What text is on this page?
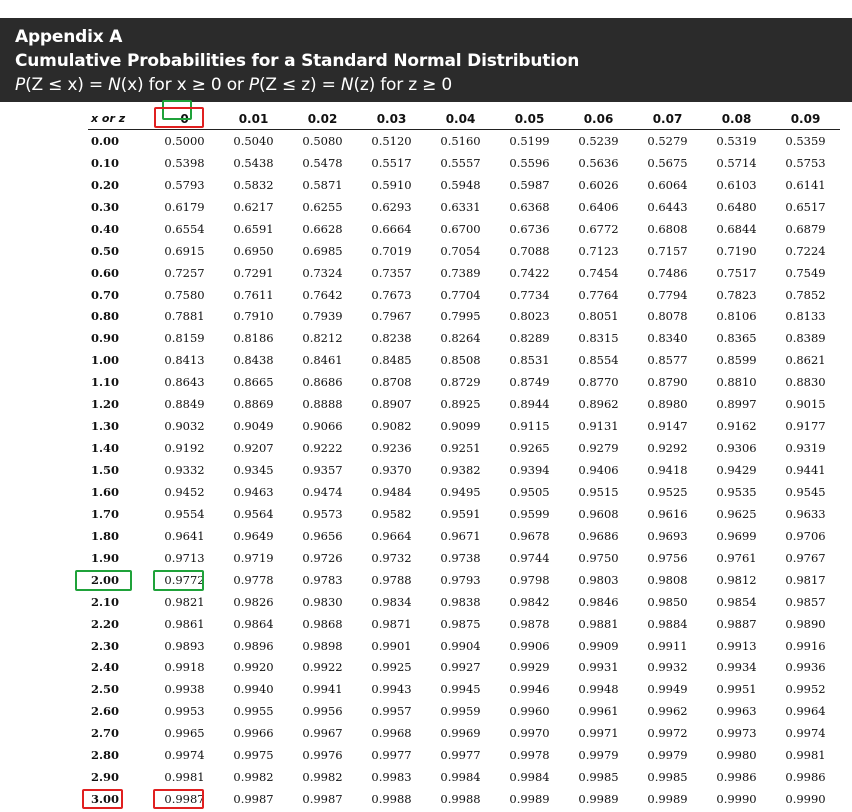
Appendix A
Cumulative Probabilities for a Standard Normal Distribution
P(Z ≤ x) = N(x) for x ≥ 0 or P(Z ≤ z) = N(z) for z ≥ 0
x or z	0	0.01	0.02	0.03	0.04	0.05	0.06	0.07	0.08	0.09
0.00	0.5000	0.5040	0.5080	0.5120	0.5160	0.5199	0.5239	0.5279	0.5319	0.5359
0.10	0.5398	0.5438	0.5478	0.5517	0.5557	0.5596	0.5636	0.5675	0.5714	0.5753
0.20	0.5793	0.5832	0.5871	0.5910	0.5948	0.5987	0.6026	0.6064	0.6103	0.6141
0.30	0.6179	0.6217	0.6255	0.6293	0.6331	0.6368	0.6406	0.6443	0.6480	0.6517
0.40	0.6554	0.6591	0.6628	0.6664	0.6700	0.6736	0.6772	0.6808	0.6844	0.6879
0.50	0.6915	0.6950	0.6985	0.7019	0.7054	0.7088	0.7123	0.7157	0.7190	0.7224
0.60	0.7257	0.7291	0.7324	0.7357	0.7389	0.7422	0.7454	0.7486	0.7517	0.7549
0.70	0.7580	0.7611	0.7642	0.7673	0.7704	0.7734	0.7764	0.7794	0.7823	0.7852
0.80	0.7881	0.7910	0.7939	0.7967	0.7995	0.8023	0.8051	0.8078	0.8106	0.8133
0.90	0.8159	0.8186	0.8212	0.8238	0.8264	0.8289	0.8315	0.8340	0.8365	0.8389
1.00	0.8413	0.8438	0.8461	0.8485	0.8508	0.8531	0.8554	0.8577	0.8599	0.8621
1.10	0.8643	0.8665	0.8686	0.8708	0.8729	0.8749	0.8770	0.8790	0.8810	0.8830
1.20	0.8849	0.8869	0.8888	0.8907	0.8925	0.8944	0.8962	0.8980	0.8997	0.9015
1.30	0.9032	0.9049	0.9066	0.9082	0.9099	0.9115	0.9131	0.9147	0.9162	0.9177
1.40	0.9192	0.9207	0.9222	0.9236	0.9251	0.9265	0.9279	0.9292	0.9306	0.9319
1.50	0.9332	0.9345	0.9357	0.9370	0.9382	0.9394	0.9406	0.9418	0.9429	0.9441
1.60	0.9452	0.9463	0.9474	0.9484	0.9495	0.9505	0.9515	0.9525	0.9535	0.9545
1.70	0.9554	0.9564	0.9573	0.9582	0.9591	0.9599	0.9608	0.9616	0.9625	0.9633
1.80	0.9641	0.9649	0.9656	0.9664	0.9671	0.9678	0.9686	0.9693	0.9699	0.9706
1.90	0.9713	0.9719	0.9726	0.9732	0.9738	0.9744	0.9750	0.9756	0.9761	0.9767
2.00	0.9772	0.9778	0.9783	0.9788	0.9793	0.9798	0.9803	0.9808	0.9812	0.9817
2.10	0.9821	0.9826	0.9830	0.9834	0.9838	0.9842	0.9846	0.9850	0.9854	0.9857
2.20	0.9861	0.9864	0.9868	0.9871	0.9875	0.9878	0.9881	0.9884	0.9887	0.9890
2.30	0.9893	0.9896	0.9898	0.9901	0.9904	0.9906	0.9909	0.9911	0.9913	0.9916
2.40	0.9918	0.9920	0.9922	0.9925	0.9927	0.9929	0.9931	0.9932	0.9934	0.9936
2.50	0.9938	0.9940	0.9941	0.9943	0.9945	0.9946	0.9948	0.9949	0.9951	0.9952
2.60	0.9953	0.9955	0.9956	0.9957	0.9959	0.9960	0.9961	0.9962	0.9963	0.9964
2.70	0.9965	0.9966	0.9967	0.9968	0.9969	0.9970	0.9971	0.9972	0.9973	0.9974
2.80	0.9974	0.9975	0.9976	0.9977	0.9977	0.9978	0.9979	0.9979	0.9980	0.9981
2.90	0.9981	0.9982	0.9982	0.9983	0.9984	0.9984	0.9985	0.9985	0.9986	0.9986
3.00	0.9987	0.9987	0.9987	0.9988	0.9988	0.9989	0.9989	0.9989	0.9990	0.9990
